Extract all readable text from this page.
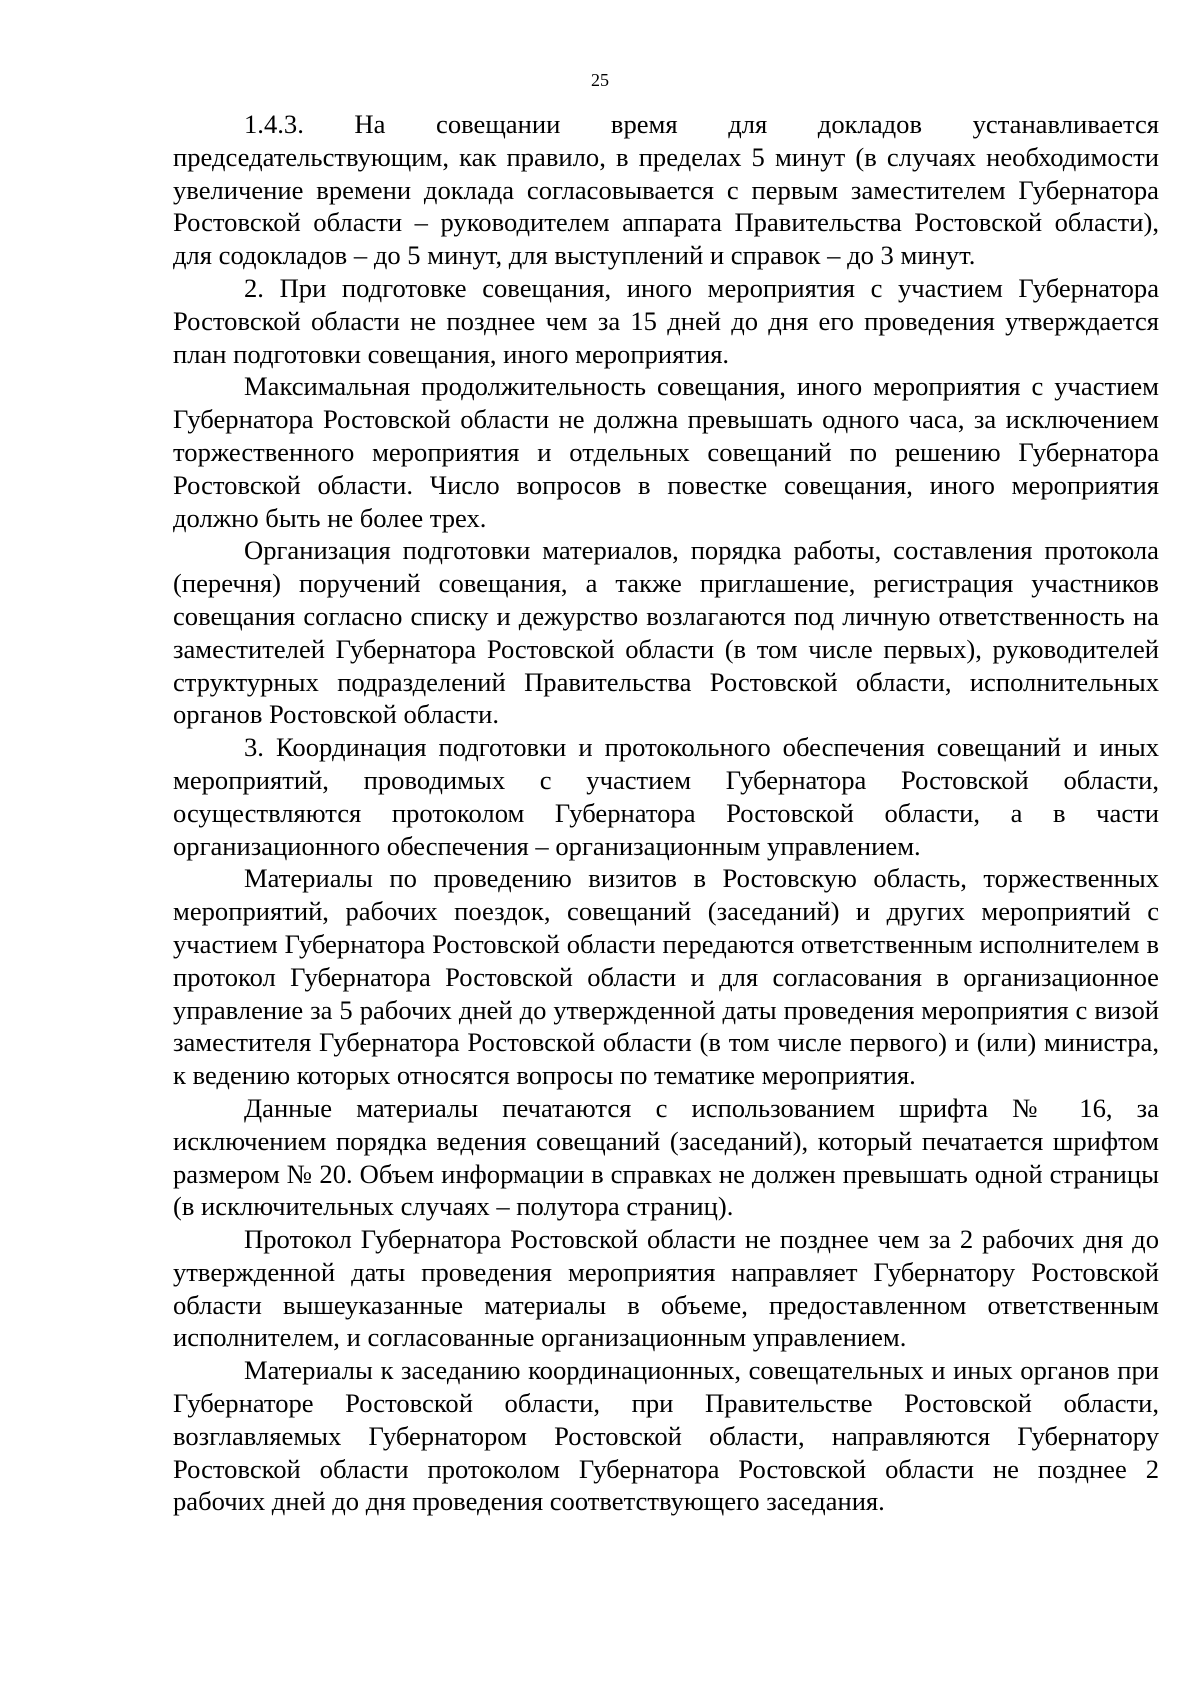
25

1.4.3. На совещании время для докладов устанавливается председательствующим, как правило, в пределах 5 минут (в случаях необходимости увеличение времени доклада согласовывается с первым заместителем Губернатора Ростовской области – руководителем аппарата Правительства Ростовской области), для содокладов – до 5 минут, для выступлений и справок – до 3 минут.

2. При подготовке совещания, иного мероприятия с участием Губернатора Ростовской области не позднее чем за 15 дней до дня его проведения утверждается план подготовки совещания, иного мероприятия.

Максимальная продолжительность совещания, иного мероприятия с участием Губернатора Ростовской области не должна превышать одного часа, за исключением торжественного мероприятия и отдельных совещаний по решению Губернатора Ростовской области. Число вопросов в повестке совещания, иного мероприятия должно быть не более трех.

Организация подготовки материалов, порядка работы, составления протокола (перечня) поручений совещания, а также приглашение, регистрация участников совещания согласно списку и дежурство возлагаются под личную ответственность на заместителей Губернатора Ростовской области (в том числе первых), руководителей структурных подразделений Правительства Ростовской области, исполнительных органов Ростовской области.

3. Координация подготовки и протокольного обеспечения совещаний и иных мероприятий, проводимых с участием Губернатора Ростовской области, осуществляются протоколом Губернатора Ростовской области, а в части организационного обеспечения – организационным управлением.

Материалы по проведению визитов в Ростовскую область, торжественных мероприятий, рабочих поездок, совещаний (заседаний) и других мероприятий с участием Губернатора Ростовской области передаются ответственным исполнителем в протокол Губернатора Ростовской области и для согласования в организационное управление за 5 рабочих дней до утвержденной даты проведения мероприятия с визой заместителя Губернатора Ростовской области (в том числе первого) и (или) министра, к ведению которых относятся вопросы по тематике мероприятия.

Данные материалы печатаются с использованием шрифта № 16, за исключением порядка ведения совещаний (заседаний), который печатается шрифтом размером № 20. Объем информации в справках не должен превышать одной страницы (в исключительных случаях – полутора страниц).

Протокол Губернатора Ростовской области не позднее чем за 2 рабочих дня до утвержденной даты проведения мероприятия направляет Губернатору Ростовской области вышеуказанные материалы в объеме, предоставленном ответственным исполнителем, и согласованные организационным управлением.

Материалы к заседанию координационных, совещательных и иных органов при Губернаторе Ростовской области, при Правительстве Ростовской области, возглавляемых Губернатором Ростовской области, направляются Губернатору Ростовской области протоколом Губернатора Ростовской области не позднее 2 рабочих дней до дня проведения соответствующего заседания.
